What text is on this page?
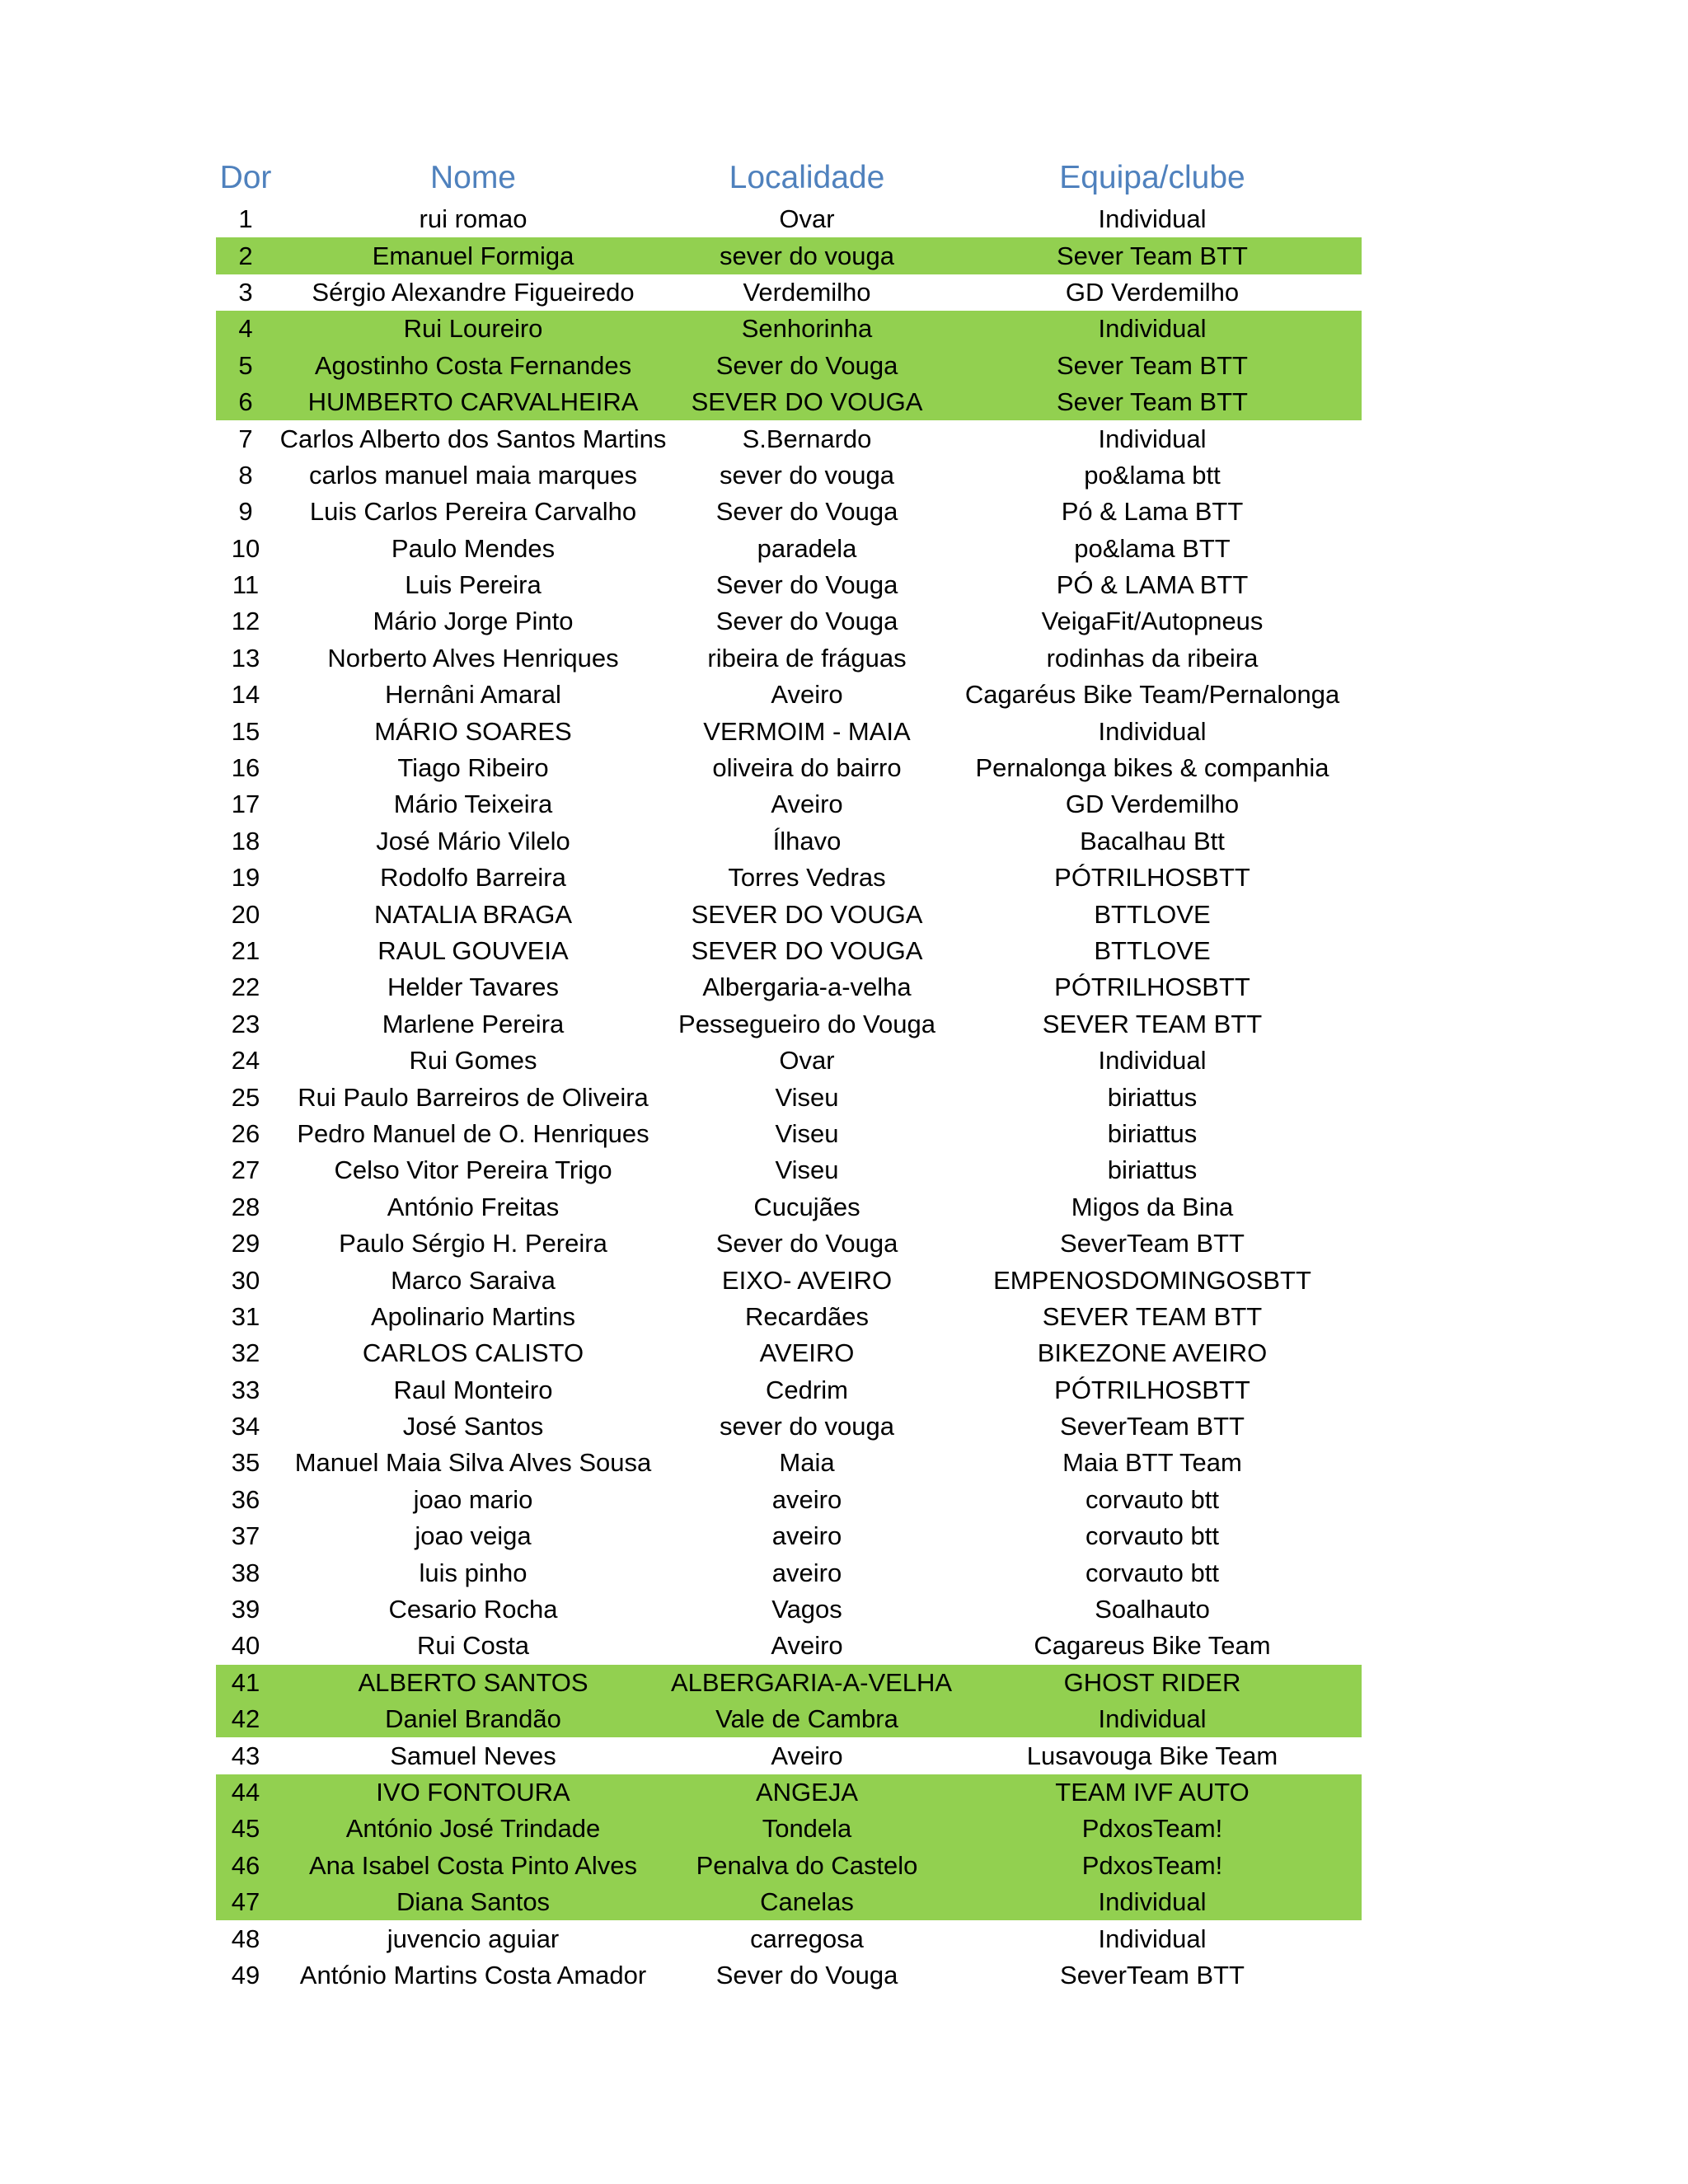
Dor	Nome	Localidade	Equipa/clube
1	rui romao	Ovar	Individual
2	Emanuel Formiga	sever do vouga	Sever Team BTT
3	Sérgio Alexandre Figueiredo	Verdemilho	GD Verdemilho
4	Rui Loureiro	Senhorinha	Individual
5	Agostinho Costa Fernandes	Sever do Vouga	Sever Team BTT
6	HUMBERTO CARVALHEIRA	SEVER DO VOUGA	Sever Team BTT
7	Carlos Alberto dos Santos Martins	S.Bernardo	Individual
8	carlos manuel maia marques	sever do vouga	po&lama btt
9	Luis Carlos Pereira Carvalho	Sever do Vouga	Pó & Lama BTT
10	Paulo Mendes	paradela	po&lama BTT
11	Luis Pereira	Sever do Vouga	PÓ & LAMA BTT
12	Mário Jorge Pinto	Sever do Vouga	VeigaFit/Autopneus
13	Norberto Alves Henriques	ribeira de fráguas	rodinhas da ribeira
14	Hernâni Amaral	Aveiro	Cagaréus Bike Team/Pernalonga
15	MÁRIO SOARES	VERMOIM - MAIA	Individual
16	Tiago Ribeiro	oliveira do bairro	Pernalonga bikes & companhia
17	Mário Teixeira	Aveiro	GD Verdemilho
18	José Mário Vilelo	Ílhavo	Bacalhau Btt
19	Rodolfo Barreira	Torres Vedras	PÓTRILHOSBTT
20	NATALIA BRAGA	SEVER DO VOUGA	BTTLOVE
21	RAUL GOUVEIA	SEVER DO VOUGA	BTTLOVE
22	Helder Tavares	Albergaria-a-velha	PÓTRILHOSBTT
23	Marlene Pereira	Pessegueiro do Vouga	SEVER TEAM BTT
24	Rui Gomes	Ovar	Individual
25	Rui Paulo Barreiros de Oliveira	Viseu	biriattus
26	Pedro Manuel de O. Henriques	Viseu	biriattus
27	Celso Vitor Pereira Trigo	Viseu	biriattus
28	António Freitas	Cucujães	Migos da Bina
29	Paulo Sérgio H. Pereira	Sever do Vouga	SeverTeam BTT
30	Marco Saraiva	EIXO- AVEIRO	EMPENOSDOMINGOSBTT
31	Apolinario Martins	Recardães	SEVER TEAM BTT
32	CARLOS CALISTO	AVEIRO	BIKEZONE AVEIRO
33	Raul Monteiro	Cedrim	PÓTRILHOSBTT
34	José Santos	sever do vouga	SeverTeam BTT
35	Manuel Maia Silva Alves Sousa	Maia	Maia BTT Team
36	joao mario	aveiro	corvauto btt
37	joao veiga	aveiro	corvauto btt
38	luis pinho	aveiro	corvauto btt
39	Cesario Rocha	Vagos	Soalhauto
40	Rui Costa	Aveiro	Cagareus Bike Team
41	ALBERTO SANTOS	ALBERGARIA-A-VELHA	GHOST RIDER
42	Daniel Brandão	Vale de Cambra	Individual
43	Samuel Neves	Aveiro	Lusavouga Bike Team
44	IVO FONTOURA	ANGEJA	TEAM IVF AUTO
45	António José Trindade	Tondela	PdxosTeam!
46	Ana Isabel Costa Pinto Alves	Penalva do Castelo	PdxosTeam!
47	Diana Santos	Canelas	Individual
48	juvencio aguiar	carregosa	Individual
49	António Martins Costa Amador	Sever do Vouga	SeverTeam BTT
